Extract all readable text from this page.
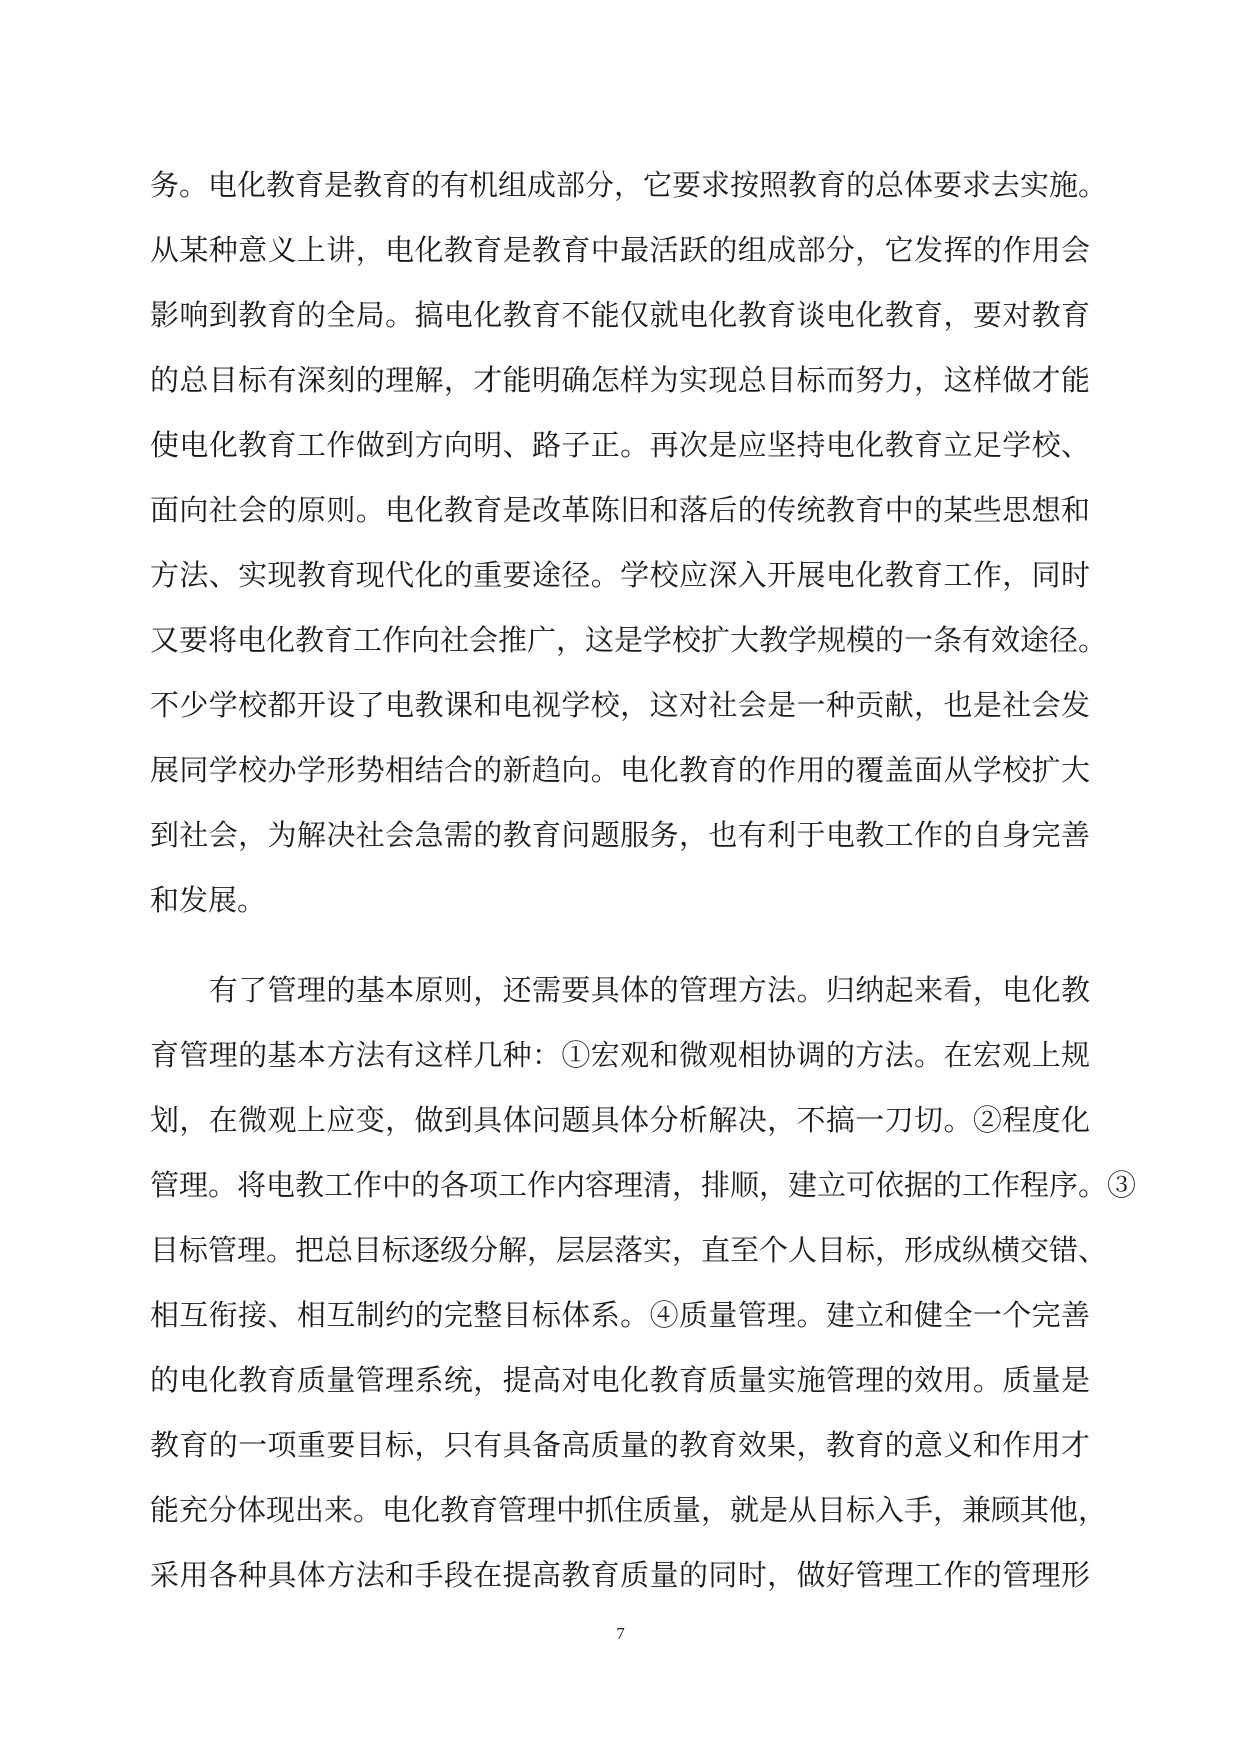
务。电化教育是教育的有机组成部分，它要求按照教育的总体要求去实施。
从某种意义上讲，电化教育是教育中最活跃的组成部分，它发挥的作用会
影响到教育的全局。搞电化教育不能仅就电化教育谈电化教育，要对教育
的总目标有深刻的理解，才能明确怎样为实现总目标而努力，这样做才能
使电化教育工作做到方向明、路子正。再次是应坚持电化教育立足学校、
面向社会的原则。电化教育是改革陈旧和落后的传统教育中的某些思想和
方法、实现教育现代化的重要途径。学校应深入开展电化教育工作，同时
又要将电化教育工作向社会推广，这是学校扩大教学规模的一条有效途径。
不少学校都开设了电教课和电视学校，这对社会是一种贡献，也是社会发
展同学校办学形势相结合的新趋向。电化教育的作用的覆盖面从学校扩大
到社会，为解决社会急需的教育问题服务，也有利于电教工作的自身完善
和发展。
　　有了管理的基本原则，还需要具体的管理方法。归纳起来看，电化教
育管理的基本方法有这样几种：①宏观和微观相协调的方法。在宏观上规
划，在微观上应变，做到具体问题具体分析解决，不搞一刀切。②程度化
管理。将电教工作中的各项工作内容理清，排顺，建立可依据的工作程序。③
目标管理。把总目标逐级分解，层层落实，直至个人目标，形成纵横交错、
相互衔接、相互制约的完整目标体系。④质量管理。建立和健全一个完善
的电化教育质量管理系统，提高对电化教育质量实施管理的效用。质量是
教育的一项重要目标，只有具备高质量的教育效果，教育的意义和作用才
能充分体现出来。电化教育管理中抓住质量，就是从目标入手，兼顾其他，
采用各种具体方法和手段在提高教育质量的同时，做好管理工作的管理形
7
